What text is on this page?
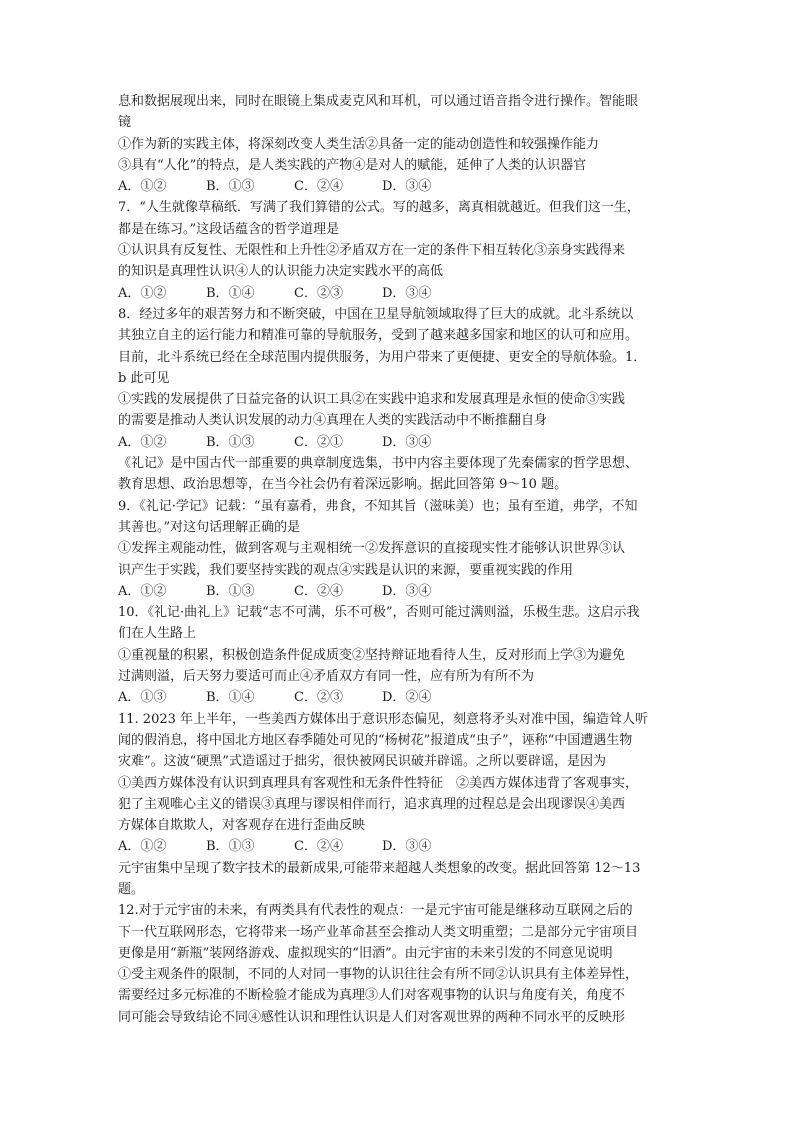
息和数据展现出来，同时在眼镜上集成麦克风和耳机，可以通过语音指令进行操作。智能眼
镜
①作为新的实践主体，将深刻改变人类生活②具备一定的能动创造性和较强操作能力
③具有“人化”的特点，是人类实践的产物④是对人的赋能，延伸了人类的认识器官
A．①②	B．①③	C．②④	D．③④
7．“人生就像草稿纸．写满了我们算错的公式。写的越多，离真相就越近。但我们这一生，
都是在练习。”这段话蕴含的哲学道理是
①认识具有反复性、无限性和上升性②矛盾双方在一定的条件下相互转化③亲身实践得来
的知识是真理性认识④人的认识能力决定实践水平的高低
A．①②	B．①④	C．②③	D．③④
8．经过多年的艰苦努力和不断突破，中国在卫星导航领域取得了巨大的成就。北斗系统以
其独立自主的运行能力和精准可靠的导航服务，受到了越来越多国家和地区的认可和应用。
目前，北斗系统已经在全球范围内提供服务，为用户带来了更便捷、更安全的导航体验。1．
b 此可见
①实践的发展提供了日益完备的认识工具②在实践中追求和发展真理是永恒的使命③实践
的需要是推动人类认识发展的动力④真理在人类的实践活动中不断推翻自身
A．①②	B．①③	C．②①	D．③④
《礼记》是中国古代一部重要的典章制度选集，书中内容主要体现了先秦儒家的哲学思想、
教育思想、政治思想等，在当今社会仍有着深远影响。据此回答第 9～10 题。
9．《礼记·学记》记载：“虽有嘉肴，弗食，不知其旨（滋味美）也；虽有至道，弗学，不知
其善也。”对这句话理解正确的是
①发挥主观能动性，做到客观与主观相统一②发挥意识的直接现实性才能够认识世界③认
识产生于实践，我们要坚持实践的观点④实践是认识的来源，要重视实践的作用
A．①②	B．①③	C．②④	D．③④
10．《礼记·曲礼上》记载“志不可满，乐不可极”，否则可能过满则溢，乐极生悲。这启示我
们在人生路上
①重视量的积累，积极创造条件促成质变②坚持辩证地看待人生，反对形而上学③为避免
过满则溢，后天努力要适可而止④矛盾双方有同一性，应有所为有所不为
A．①③	B．①④	C．②③	D．②④
11. 2023 年上半年，一些美西方媒体出于意识形态偏见，刻意将矛头对准中国，编造耸人听
闻的假消息，将中国北方地区春季随处可见的“杨树花”报道成“虫子”，诬称“中国遭遇生物
灾难”。这波“硬黑”式造谣过于拙劣，很快被网民识破并辟谣。之所以要辟谣，是因为
①美西方媒体没有认识到真理具有客观性和无条件性特征　②美西方媒体违背了客观事实，
犯了主观唯心主义的错误③真理与谬误相伴而行，追求真理的过程总是会出现谬误④美西
方媒体自欺欺人，对客观存在进行歪曲反映
A．①②	B．①③	C．②④	D．③④
元宇宙集中呈现了数字技术的最新成果,可能带来超越人类想象的改变。据此回答第 12～13
题。
12.对于元宇宙的未来，有两类具有代表性的观点：一是元宇宙可能是继移动互联网之后的
下一代互联网形态，它将带来一场产业革命甚至会推动人类文明重塑；二是部分元宇宙项目
更像是用“新瓶”装网络游戏、虚拟现实的“旧酒”。由元宇宙的未来引发的不同意见说明
①受主观条件的限制，不同的人对同一事物的认识往往会有所不同②认识具有主体差异性，
需要经过多元标准的不断检验才能成为真理③人们对客观事物的认识与角度有关，角度不
同可能会导致结论不同④感性认识和理性认识是人们对客观世界的两种不同水平的反映形
